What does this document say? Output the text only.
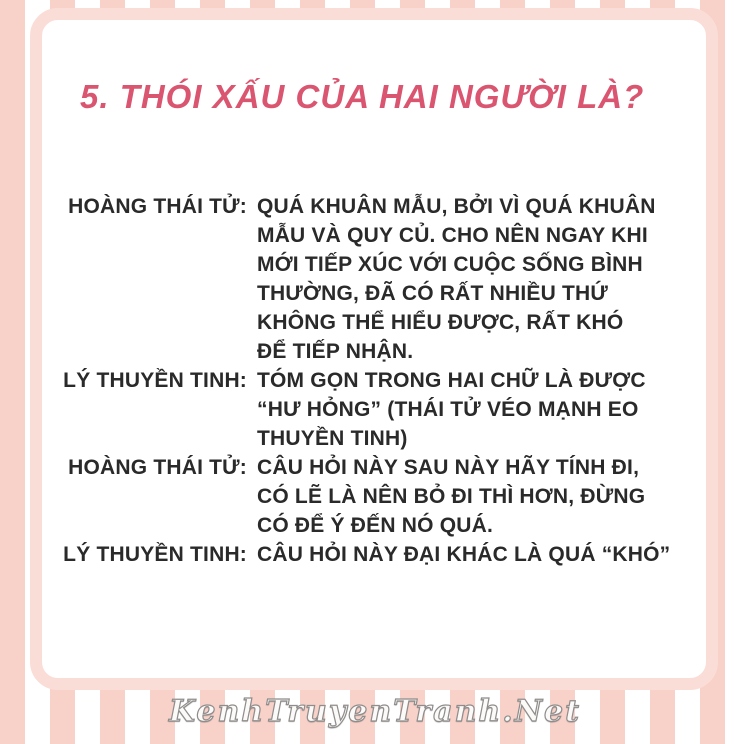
5. THÓI XẤU CỦA HAI NGƯỜI LÀ?
HOÀNG THÁI TỬ: QUÁ KHUÂN MẪU, BỞI VÌ QUÁ KHUÂN
MẪU VÀ QUY CỦ. CHO NÊN NGAY KHI
MỚI TIẾP XÚC VỚI CUỘC SỐNG BÌNH
THƯỜNG, ĐÃ CÓ RẤT NHIỀU THỨ
KHÔNG THỂ HIỂU ĐƯỢC, RẤT KHÓ
ĐỂ TIẾP NHẬN.
LÝ THUYỀN TINH: TÓM GỌN TRONG HAI CHỮ LÀ ĐƯỢC
“HƯ HỎNG” (THÁI TỬ VÉO MẠNH EO
THUYỀN TINH)
HOÀNG THÁI TỬ: CÂU HỎI NÀY SAU NÀY HÃY TÍNH ĐI,
CÓ LẼ LÀ NÊN BỎ ĐI THÌ HƠN, ĐỪNG
CÓ ĐỂ Ý ĐẾN NÓ QUÁ.
LÝ THUYỀN TINH: CÂU HỎI NÀY ĐẠI KHÁC LÀ QUÁ “KHÓ”
KenhTruyenTranh.Net
